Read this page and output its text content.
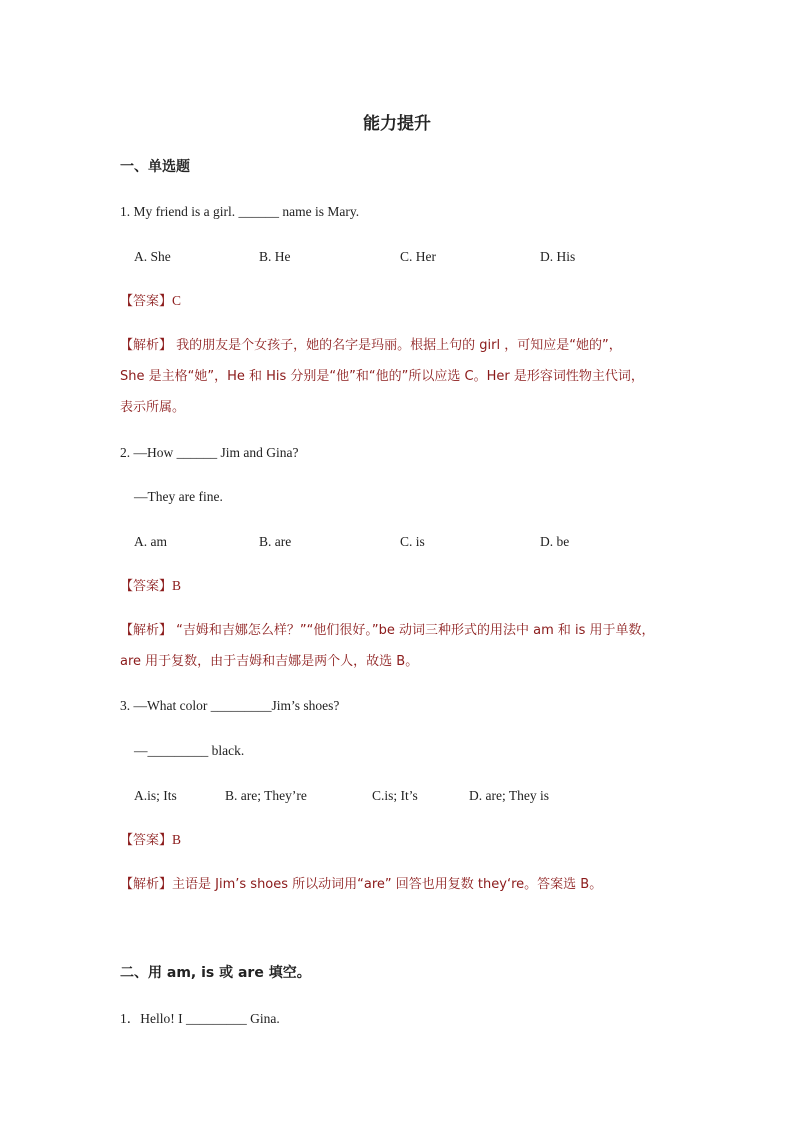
能力提升
一、单选题
1. My friend is a girl. ______ name is Mary.
A. She	B. He	C. Her	D. His
【答案】C
【解析】 我的朋友是个女孩子，她的名字是玛丽。根据上句的 girl ，可知应是“她的”，
She 是主格“她”，He 和 His 分别是“他”和“他的”所以应选 C。Her 是形容词性物主代词，
表示所属。
2. —How ______ Jim and Gina?
—They are fine.
A. am	B. are	C. is	D. be
【答案】B
【解析】 “吉姆和吉娜怎么样？”“他们很好。”be 动词三种形式的用法中 am 和 is 用于单数，
are 用于复数，由于吉姆和吉娜是两个人，故选 B。
3. —What color _________Jim’s shoes?
—_________ black.
A.is; Its	B. are; They’re	C.is; It’s	D. are; They is
【答案】B
【解析】主语是 Jim’s shoes 所以动词用“are” 回答也用复数 they‘re。答案选 B。
二、用 am, is 或 are 填空。
1．Hello! I _________ Gina.
